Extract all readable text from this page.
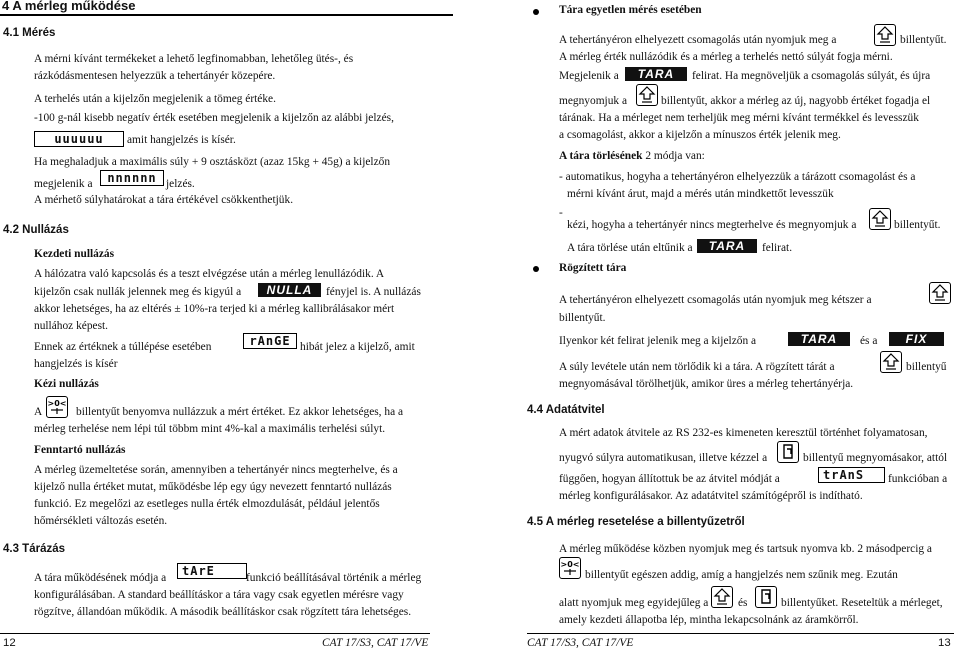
4 A mérleg működése
4.1 Mérés
A mérni kívánt termékeket a lehető legfinomabban, lehetőleg ütés-, és
rázkódásmentesen helyezzük a tehertányér közepére.
A terhelés után a kijelzőn megjelenik a tömeg értéke.
-100 g-nál kisebb negatív érték esetében megjelenik a kijelzőn az alábbi jelzés,
uuuuuu	amit hangjelzés is kísér.
Ha meghaladjuk a maximális súly + 9 osztásközt (azaz 15kg + 45g) a kijelzőn
megjelenik a	nnnnnn jelzés.
A mérhető súlyhatárokat a tára értékével csökkenthetjük.
4.2 Nullázás
Kezdeti nullázás
A hálózatra való kapcsolás és a teszt elvégzése után a mérleg lenullázódik. A
kijelzőn csak nullák jelennek meg és kigyúl a	NULLA	fényjel is. A nullázás
akkor lehetséges, ha az eltérés ± 10%-ra terjed ki a mérleg kallibrálásakor mért
nullához képest.
Ennek az értéknek a túllépése esetében	rAnGE hibát jelez a kijelző, amit
hangjelzés is kísér
Kézi nullázás
A
>0<
billentyűt benyomva nullázzuk a mért értéket. Ez akkor lehetséges, ha a
mérleg terhelése nem lépi túl többm mint 4%-kal a maximális terhelési súlyt.
Fenntartó nullázás
A mérleg üzemeltetése során, amennyiben a tehertányér nincs megterhelve, és a
kijelző nulla értéket mutat, működésbe lép egy úgy nevezett fenntartó nullázás
funkció. Ez megelőzi az esetleges nulla érték elmozdulását, például jelentős
hőmérsékleti változás esetén.
4.3 Tárázás
A tára működésének módja a	tArE	funkció beállításával történik a mérleg
konfigurálásában. A standard beállításkor a tára vagy csak egyetlen mérésre vagy
rögzítve, állandóan működik. A második beállításkor csak rögzített tára lehetséges.
12	CAT 17/S3, CAT 17/VE
Tára egyetlen mérés esetében
A tehertányéron elhelyezett csomagolás után nyomjuk meg a	billentyűt.
A mérleg érték nullázódik és a mérleg a terhelés nettó súlyát fogja mérni.
Megjelenik a	TARA	felirat. Ha megnöveljük a csomagolás súlyát, és újra
megnyomjuk a	billentyűt, akkor a mérleg az új, nagyobb értéket fogadja el
tárának. Ha a mérleget nem terheljük meg mérni kívánt termékkel és levesszük
a csomagolást, akkor a kijelzőn a mínuszos érték jelenik meg.
A tára törlésének 2 módja van:
- automatikus, hogyha a tehertányéron elhelyezzük a tárázott csomagolást és a
mérni kívánt árut, majd a mérés után mindkettőt levesszük
-
kézi, hogyha a tehertányér nincs megterhelve és megnyomjuk a	billentyűt.
A tára törlése után eltűnik a	TARA	felirat.
Rögzített tára
A tehertányéron elhelyezett csomagolás után nyomjuk meg kétszer a
billentyűt.
Ilyenkor két felirat jelenik meg a kijelzőn a	TARA	és a	FIX
A súly levétele után nem törlődik ki a tára. A rögzített tárát a	billentyű
megnyomásával törölhetjük, amikor üres a mérleg tehertányérja.
4.4 Adatátvitel
A mért adatok átvitele az RS 232-es kimeneten keresztül történhet folyamatosan,
nyugvó súlyra automatikusan, illetve kézzel a	billentyű megnyomásakor, attól
függően, hogyan állítottuk be az átvitel módját a	trAnS	funkcióban a
mérleg konfigurálásakor. Az adatátvitel számítógépről is indítható.
4.5 A mérleg resetelése a billentyűzetről
A mérleg működése közben nyomjuk meg és tartsuk nyomva kb. 2 másodpercig a
>0<
billentyűt egészen addig, amíg a hangjelzés nem szűnik meg. Ezután
alatt nyomjuk meg egyidejűleg a	és	billentyűket. Reseteltük a mérleget,
amely kezdeti állapotba lép, mintha lekapcsolnánk az áramkörről.
CAT 17/S3, CAT 17/VE	13
